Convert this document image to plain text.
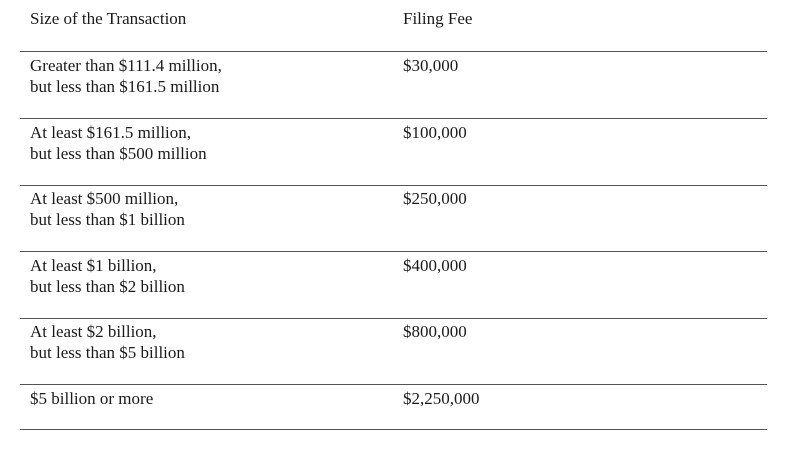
Size of the Transaction	Filing Fee
Greater than $111.4 million,
but less than $161.5 million
$30,000
At least $161.5 million,
but less than $500 million
$100,000
At least $500 million,
but less than $1 billion
$250,000
At least $1 billion,
but less than $2 billion
$400,000
At least $2 billion,
but less than $5 billion
$800,000
$5 billion or more	$2,250,000
